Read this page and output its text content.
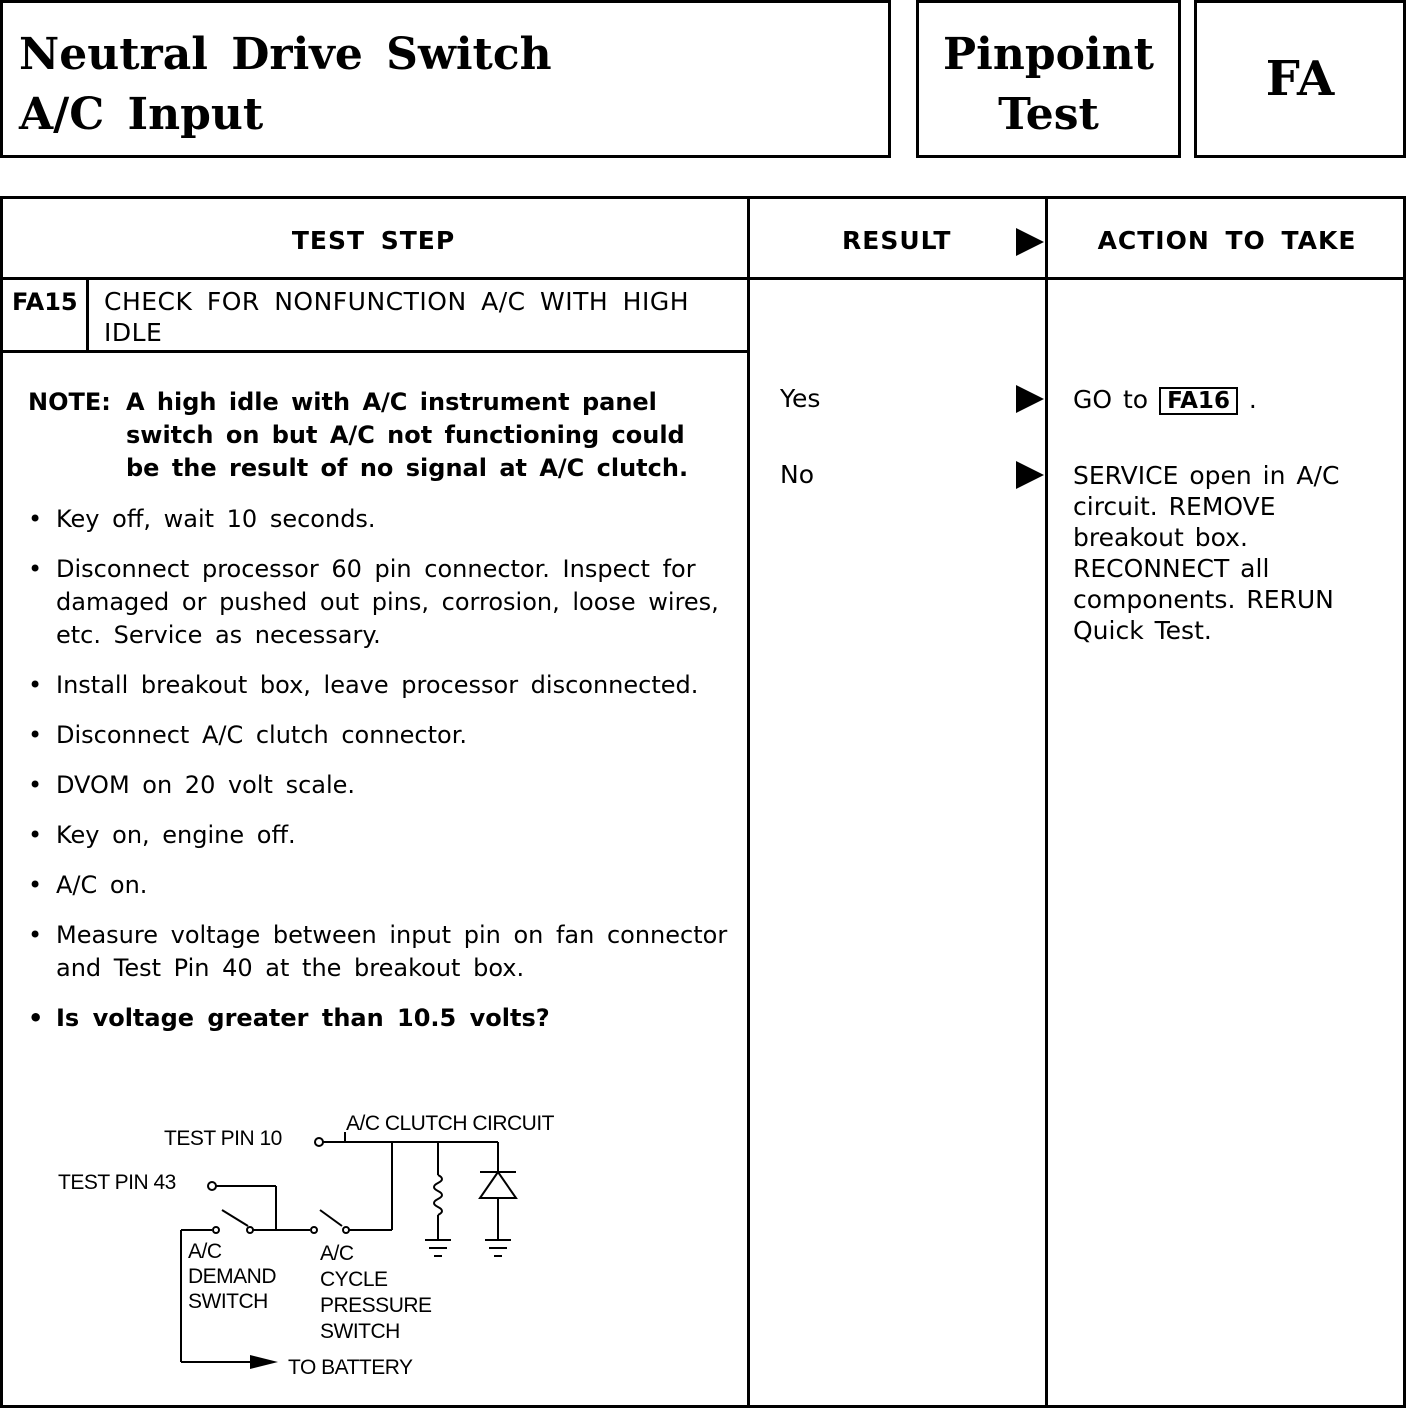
Neutral Drive Switch
A/C Input
Pinpoint
Test
FA
TEST STEP	RESULT	ACTION TO TAKE
FA15 CHECK FOR NONFUNCTION A/C WITH HIGH IDLE
NOTE: A high idle with A/C instrument panel switch on but A/C not functioning could be the result of no signal at A/C clutch.
• Key off, wait 10 seconds.
• Disconnect processor 60 pin connector. Inspect for damaged or pushed out pins, corrosion, loose wires, etc. Service as necessary.
• Install breakout box, leave processor disconnected.
• Disconnect A/C clutch connector.
• DVOM on 20 volt scale.
• Key on, engine off.
• A/C on.
• Measure voltage between input pin on fan connector and Test Pin 40 at the breakout box.
• Is voltage greater than 10.5 volts?
Yes	GO to FA16 .
No	SERVICE open in A/C circuit. REMOVE breakout box. RECONNECT all components. RERUN Quick Test.
TEST PIN 10
A/C CLUTCH CIRCUIT
TEST PIN 43
A/C
DEMAND
SWITCH
A/C
CYCLE
PRESSURE
SWITCH
TO BATTERY
